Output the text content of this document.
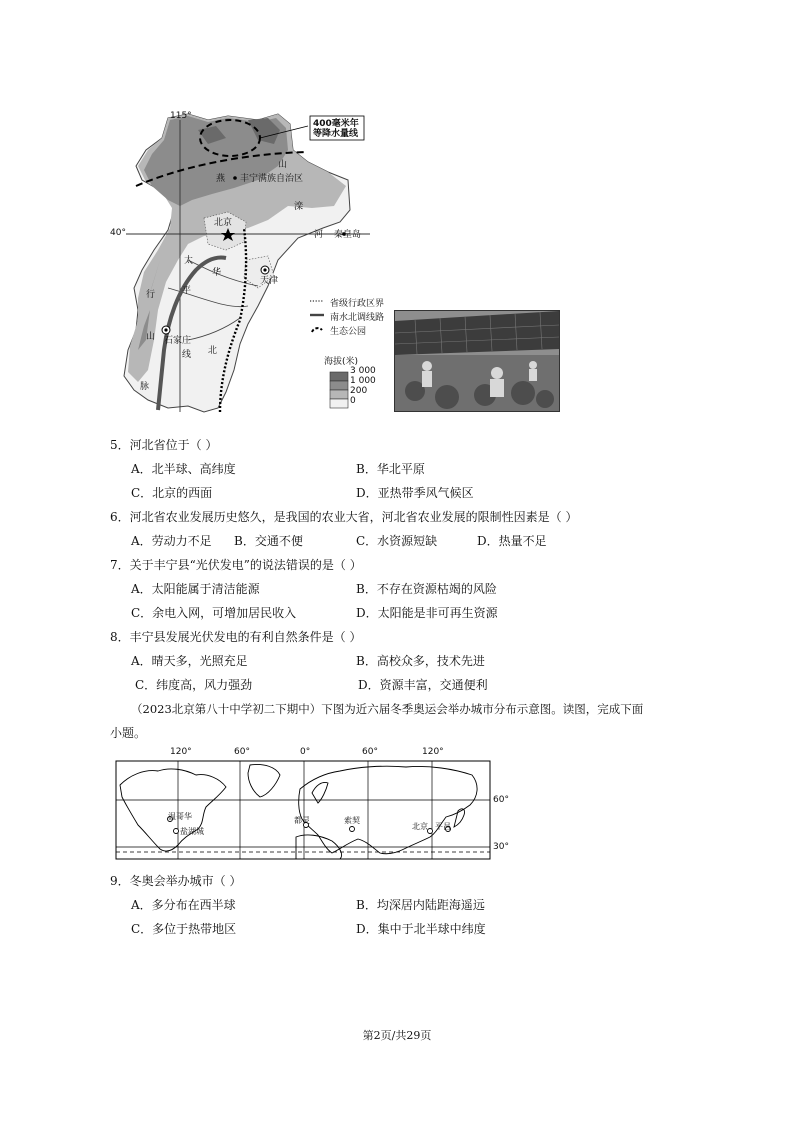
115°
40°
400毫米年
等降水量线
燕
山
丰宁满族自治区
北京
天津
秦皇岛
石家庄
滦
河
太
行
山
脉
华
北
平
线
省级行政区界
南水北调线路
生态公园
海拔(米)
3 000
1 000
200
0
5．河北省位于（ ）
A．北半球、高纬度	B．华北平原
C．北京的西面	D．亚热带季风气候区
6．河北省农业发展历史悠久，是我国的农业大省，河北省农业发展的限制性因素是（ ）
A．劳动力不足 B．交通不便	C．水资源短缺	D．热量不足
7．关于丰宁县“光伏发电”的说法错误的是（ ）
A．太阳能属于清洁能源	B．不存在资源枯竭的风险
C．余电入网，可增加居民收入	D．太阳能是非可再生资源
8．丰宁县发展光伏发电的有利自然条件是（ ）
A．晴天多，光照充足	B．高校众多，技术先进
C．纬度高，风力强劲	D．资源丰富，交通便利
（2023北京第八十中学初二下期中）下图为近六届冬季奥运会举办城市分布示意图。读图，完成下面
小题。
120°	60°	0°	60°	120°
60°
30°
温哥华
盐湖城
都灵	索契
北京 平昌
9．冬奥会举办城市（ ）
A．多分布在西半球	B．均深居内陆距海遥远
C．多位于热带地区	D．集中于北半球中纬度
第2页/共29页
